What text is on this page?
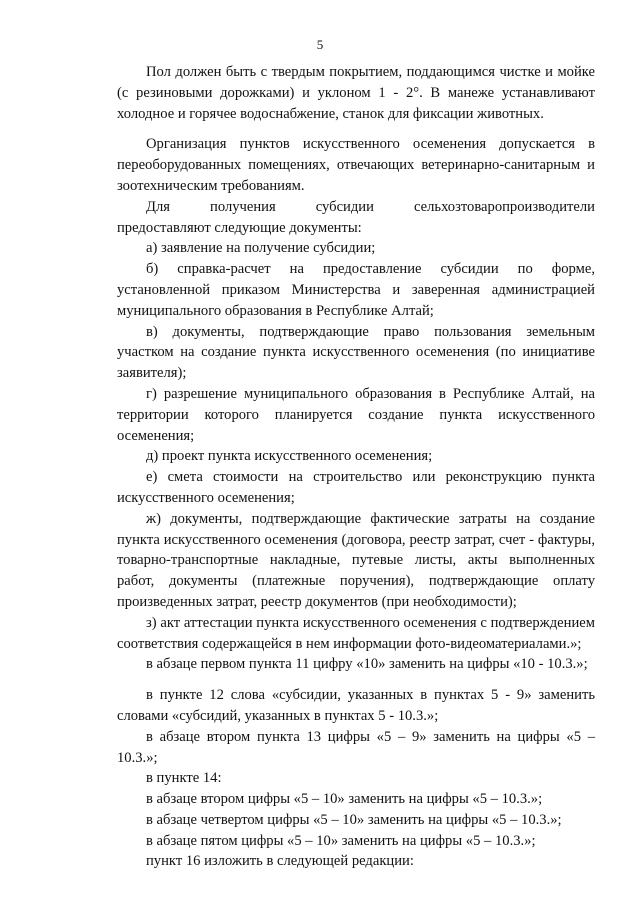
5

Пол должен быть с твердым покрытием, поддающимся чистке и мойке (с резиновыми дорожками) и уклоном 1 - 2°. В манеже устанавливают холодное и горячее водоснабжение, станок для фиксации животных.

Организация пунктов искусственного осеменения допускается в переоборудованных помещениях, отвечающих ветеринарно-санитарным и зоотехническим требованиям.

Для	получения	субсидии	сельхозтоваропроизводители
предоставляют следующие документы:

а) заявление на получение субсидии;

б) справка-расчет на предоставление субсидии по форме, установленной приказом Министерства и заверенная администрацией муниципального образования в Республике Алтай;

в) документы, подтверждающие право пользования земельным участком на создание пункта искусственного осеменения (по инициативе заявителя);

г) разрешение муниципального образования в Республике Алтай, на территории которого планируется создание пункта искусственного осеменения;

д) проект пункта искусственного осеменения;

е) смета стоимости на строительство или реконструкцию пункта искусственного осеменения;

ж) документы, подтверждающие фактические затраты на создание пункта искусственного осеменения (договора, реестр затрат, счет - фактуры, товарно-транспортные накладные, путевые листы, акты выполненных работ, документы (платежные поручения), подтверждающие оплату произведенных затрат, реестр документов (при необходимости);

з) акт аттестации пункта искусственного осеменения с подтверждением соответствия содержащейся в нем информации фото-видеоматериалами.»;

в абзаце первом пункта 11 цифру «10» заменить на цифры «10 - 10.3.»;

в пункте 12 слова «субсидии, указанных в пунктах 5 - 9» заменить словами «субсидий, указанных в пунктах 5 - 10.3.»;

в абзаце втором пункта 13 цифры «5 – 9» заменить на цифры «5 – 10.3.»;

в пункте 14:

в абзаце втором цифры «5 – 10» заменить на цифры «5 – 10.3.»;

в абзаце четвертом цифры «5 – 10» заменить на цифры «5 – 10.3.»;

в абзаце пятом цифры «5 – 10» заменить на цифры «5 – 10.3.»;

пункт 16 изложить в следующей редакции:
